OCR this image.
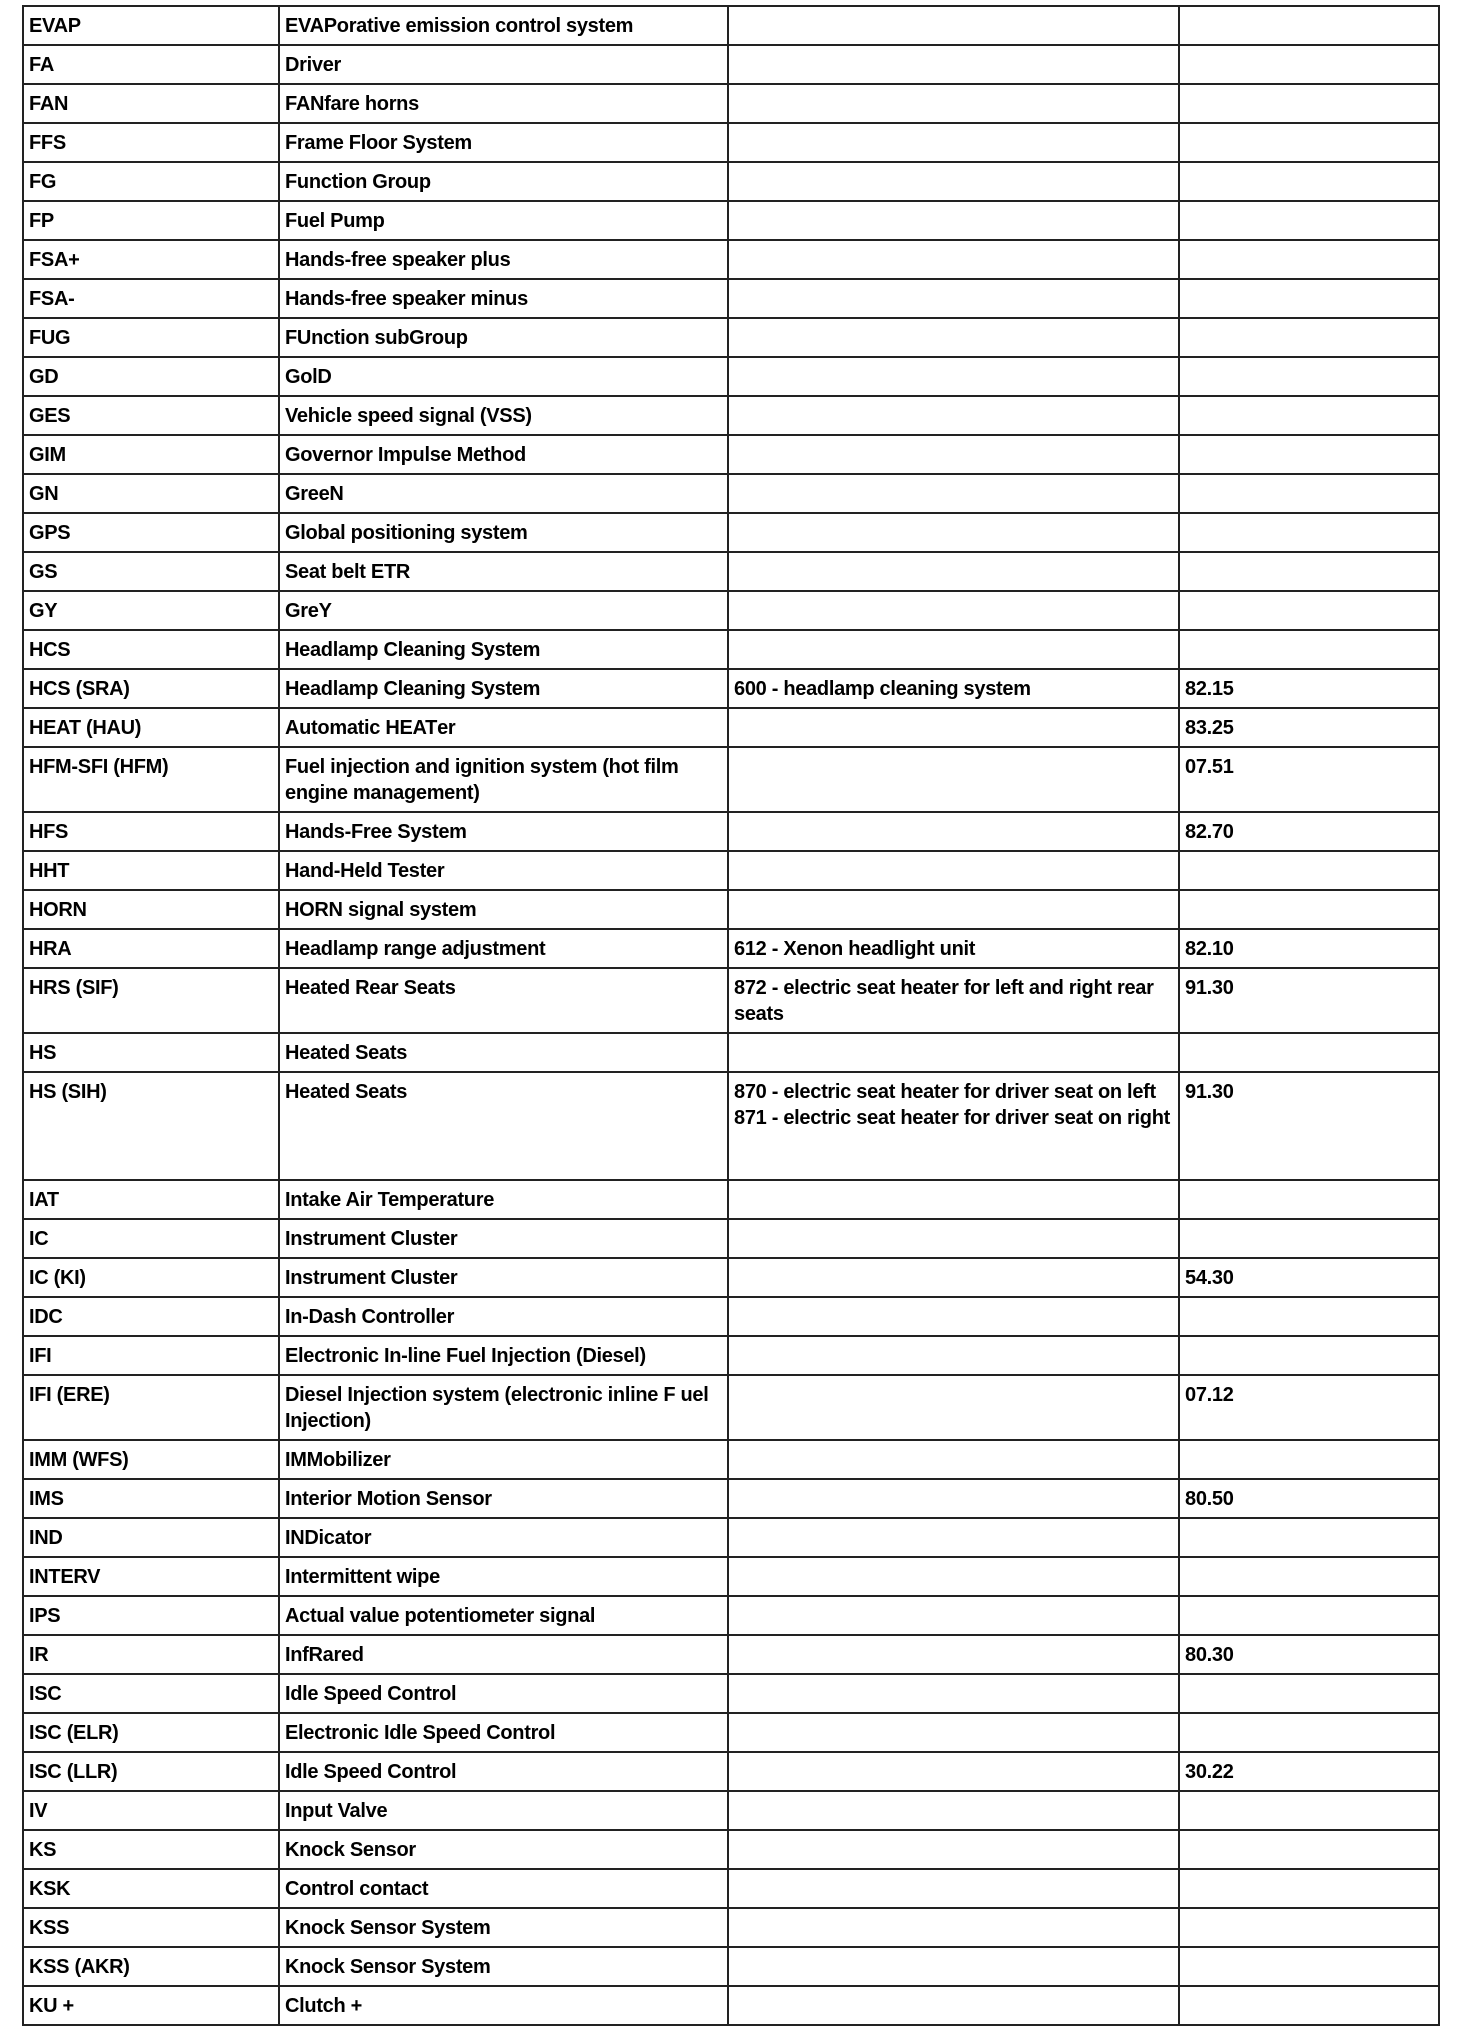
EVAP	EVAPorative emission control system	

FA	Driver	

FAN	FANfare horns	

FFS	Frame Floor System	

FG	Function Group	

FP	Fuel Pump	

FSA+	Hands-free speaker plus	

FSA-	Hands-free speaker minus	

FUG	FUnction subGroup	

GD	GolD	

GES	Vehicle speed signal (VSS)	

GIM	Governor Impulse Method	

GN	GreeN	

GPS	Global positioning system	

GS	Seat belt ETR	

GY	GreY	

HCS	Headlamp Cleaning System	

HCS (SRA)	Headlamp Cleaning System	600 - headlamp cleaning system	82.15
HEAT (HAU)	Automatic HEATer		83.25
HFM-SFI (HFM)	Fuel injection and ignition system (hot film engine management)		07.51
HFS	Hands-Free System		82.70
HHT	Hand-Held Tester	

HORN	HORN signal system	

HRA	Headlamp range adjustment	612 - Xenon headlight unit	82.10
HRS (SIF)	Heated Rear Seats	872 - electric seat heater for left and right rear seats	91.30
HS	Heated Seats	

HS (SIH)	Heated Seats	870 - electric seat heater for driver seat on left
871 - electric seat heater for driver seat on right	91.30
IAT	Intake Air Temperature	

IC	Instrument Cluster	

IC (KI)	Instrument Cluster		54.30
IDC	In-Dash Controller	

IFI	Electronic In-line Fuel Injection (Diesel)	

IFI (ERE)	Diesel Injection system (electronic inline F uel Injection)		07.12
IMM (WFS)	IMMobilizer	

IMS	Interior Motion Sensor		80.50
IND	INDicator	

INTERV	Intermittent wipe	

IPS	Actual value potentiometer signal	

IR	InfRared		80.30
ISC	Idle Speed Control	

ISC (ELR)	Electronic Idle Speed Control	

ISC (LLR)	Idle Speed Control		30.22
IV	Input Valve	

KS	Knock Sensor	

KSK	Control contact	

KSS	Knock Sensor System	

KSS (AKR)	Knock Sensor System	

KU +	Clutch +	
